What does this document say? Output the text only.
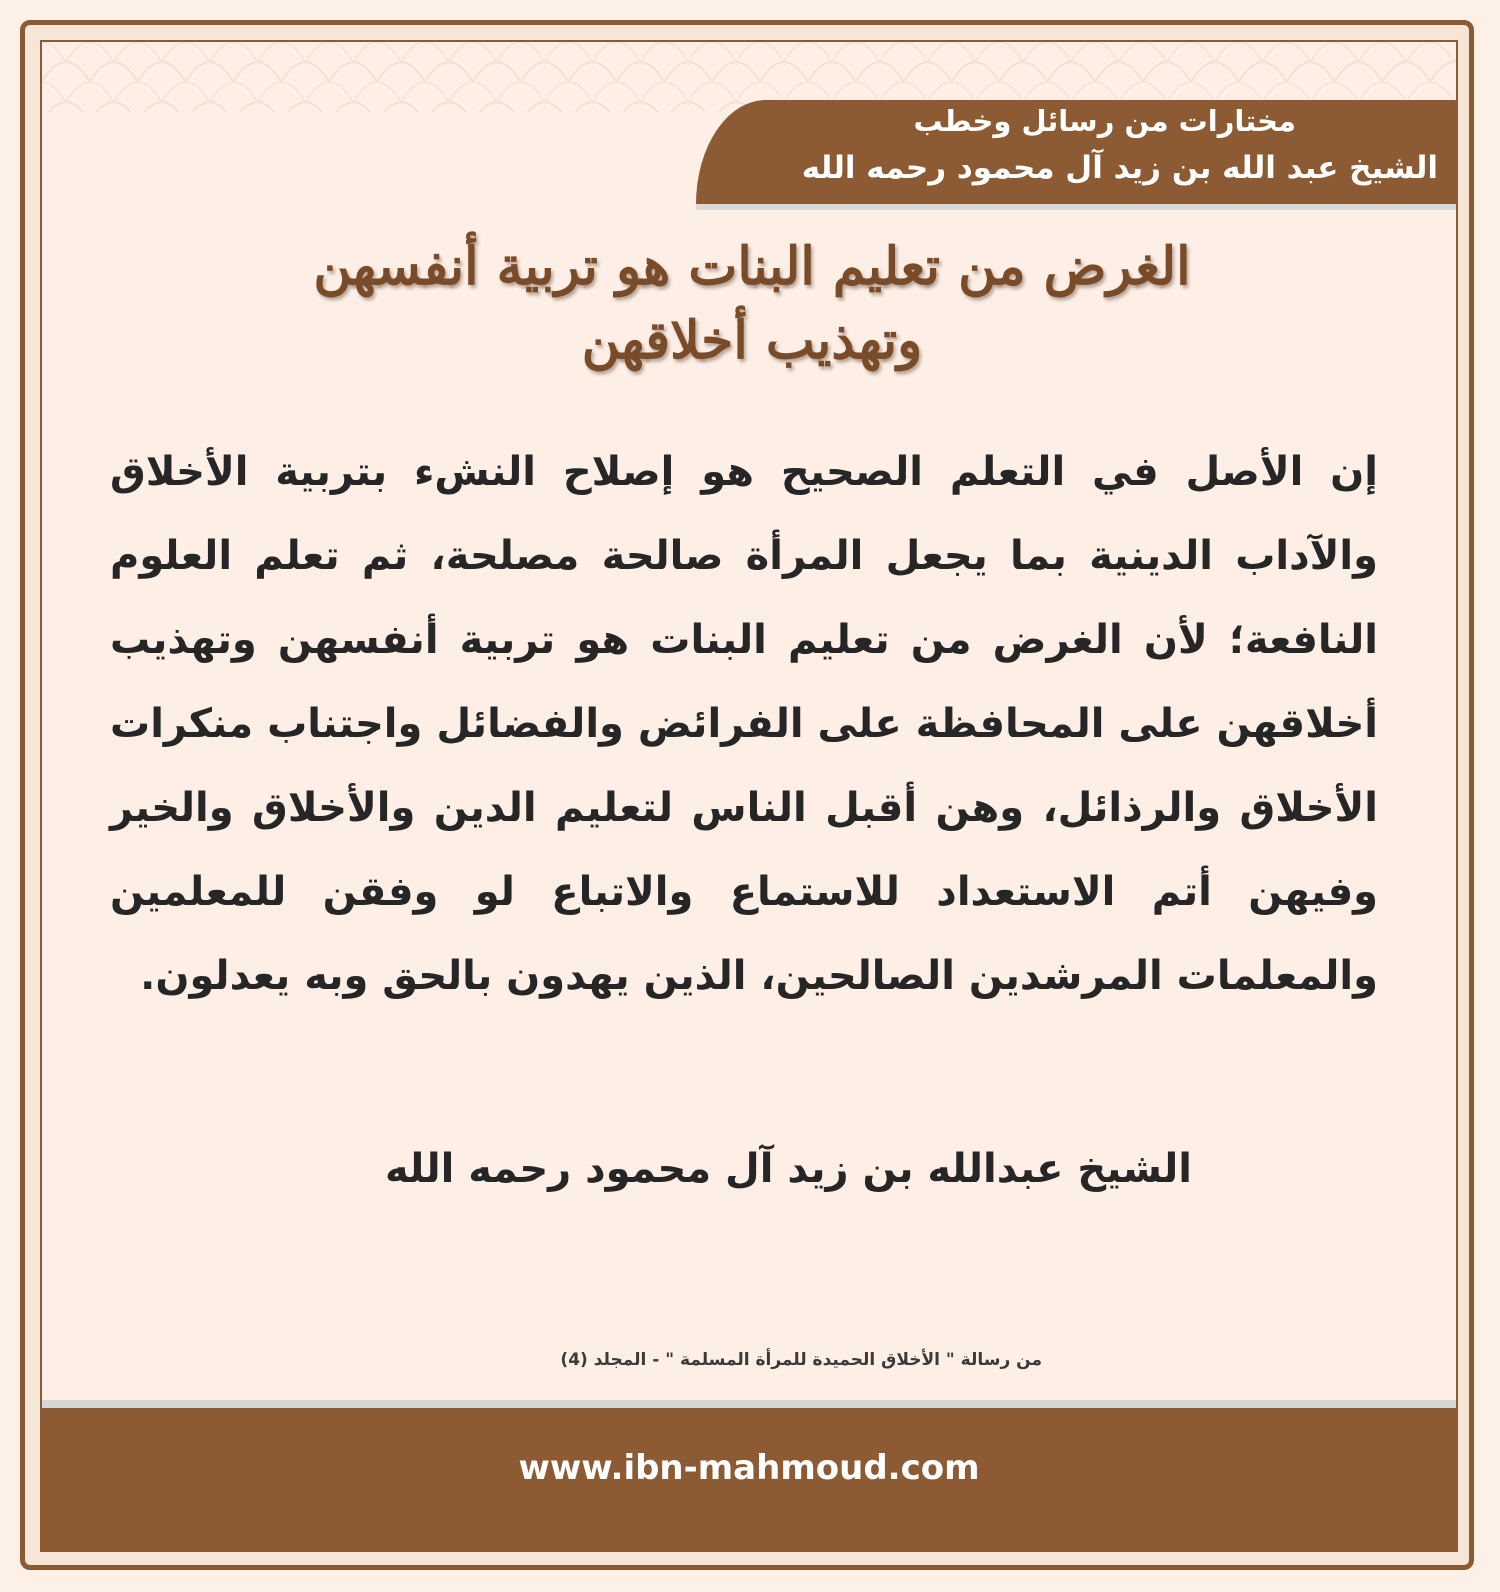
مختارات من رسائل وخطب
الشيخ عبد الله بن زيد آل محمود رحمه الله
الغرض من تعليم البنات هو تربية أنفسهن
وتهذيب أخلاقهن
إن الأصل في التعلم الصحيح هو إصلاح النشء بتربية الأخلاق والآداب الدينية بما يجعل المرأة صالحة مصلحة، ثم تعلم العلوم النافعة؛ لأن الغرض من تعليم البنات هو تربية أنفسهن وتهذيب أخلاقهن على المحافظة على الفرائض والفضائل واجتناب منكرات الأخلاق والرذائل، وهن أقبل الناس لتعليم الدين والأخلاق والخير وفيهن أتم الاستعداد للاستماع والاتباع لو وفقن للمعلمين والمعلمات المرشدين الصالحين، الذين يهدون بالحق وبه يعدلون.
الشيخ عبدالله بن زيد آل محمود رحمه الله
من رسالة " الأخلاق الحميدة للمرأة المسلمة " - المجلد (4)
www.ibn-mahmoud.com
